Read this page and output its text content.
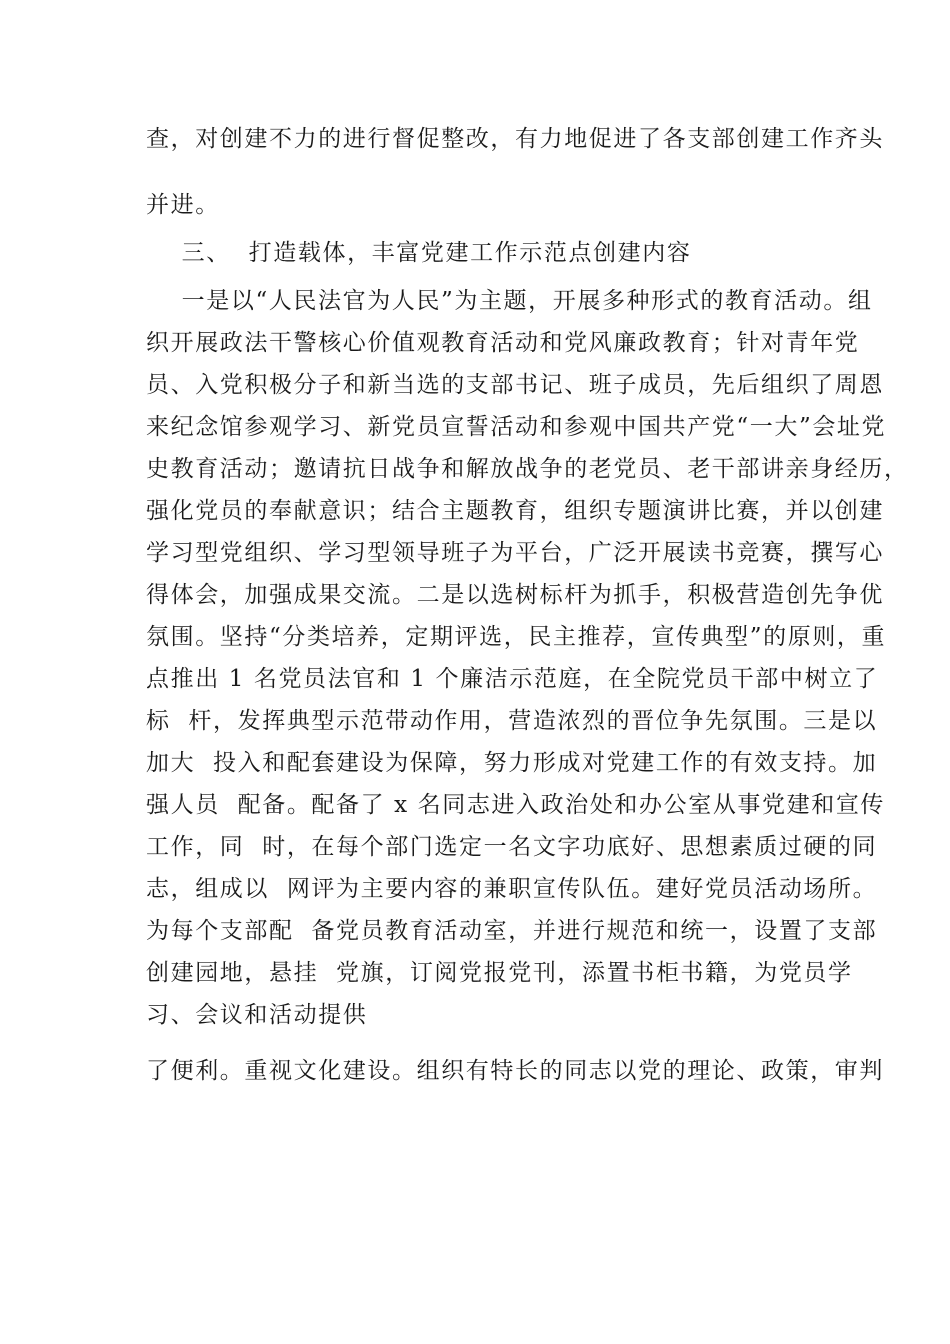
查，对创建不力的进行督促整改，有力地促进了各支部创建工作齐头
并进。
三、  打造载体，丰富党建工作示范点创建内容
一是以“人民法官为人民”为主题，开展多种形式的教育活动。组
织开展政法干警核心价值观教育活动和党风廉政教育；针对青年党
员、入党积极分子和新当选的支部书记、班子成员，先后组织了周恩
来纪念馆参观学习、新党员宣誓活动和参观中国共产党“一大”会址党
史教育活动；邀请抗日战争和解放战争的老党员、老干部讲亲身经历，
强化党员的奉献意识；结合主题教育，组织专题演讲比赛，并以创建
学习型党组织、学习型领导班子为平台，广泛开展读书竞赛，撰写心
得体会，加强成果交流。二是以选树标杆为抓手，积极营造创先争优
氛围。坚持“分类培养，定期评选，民主推荐，宣传典型”的原则，重
点推出 1 名党员法官和 1 个廉洁示范庭，在全院党员干部中树立了
标  杆，发挥典型示范带动作用，营造浓烈的晋位争先氛围。三是以
加大  投入和配套建设为保障，努力形成对党建工作的有效支持。加
强人员  配备。配备了 x 名同志进入政治处和办公室从事党建和宣传
工作，同  时，在每个部门选定一名文字功底好、思想素质过硬的同
志，组成以  网评为主要内容的兼职宣传队伍。建好党员活动场所。
为每个支部配  备党员教育活动室，并进行规范和统一，设置了支部
创建园地，悬挂  党旗，订阅党报党刊，添置书柜书籍，为党员学
习、会议和活动提供
了便利。重视文化建设。组织有特长的同志以党的理论、政策，审判
